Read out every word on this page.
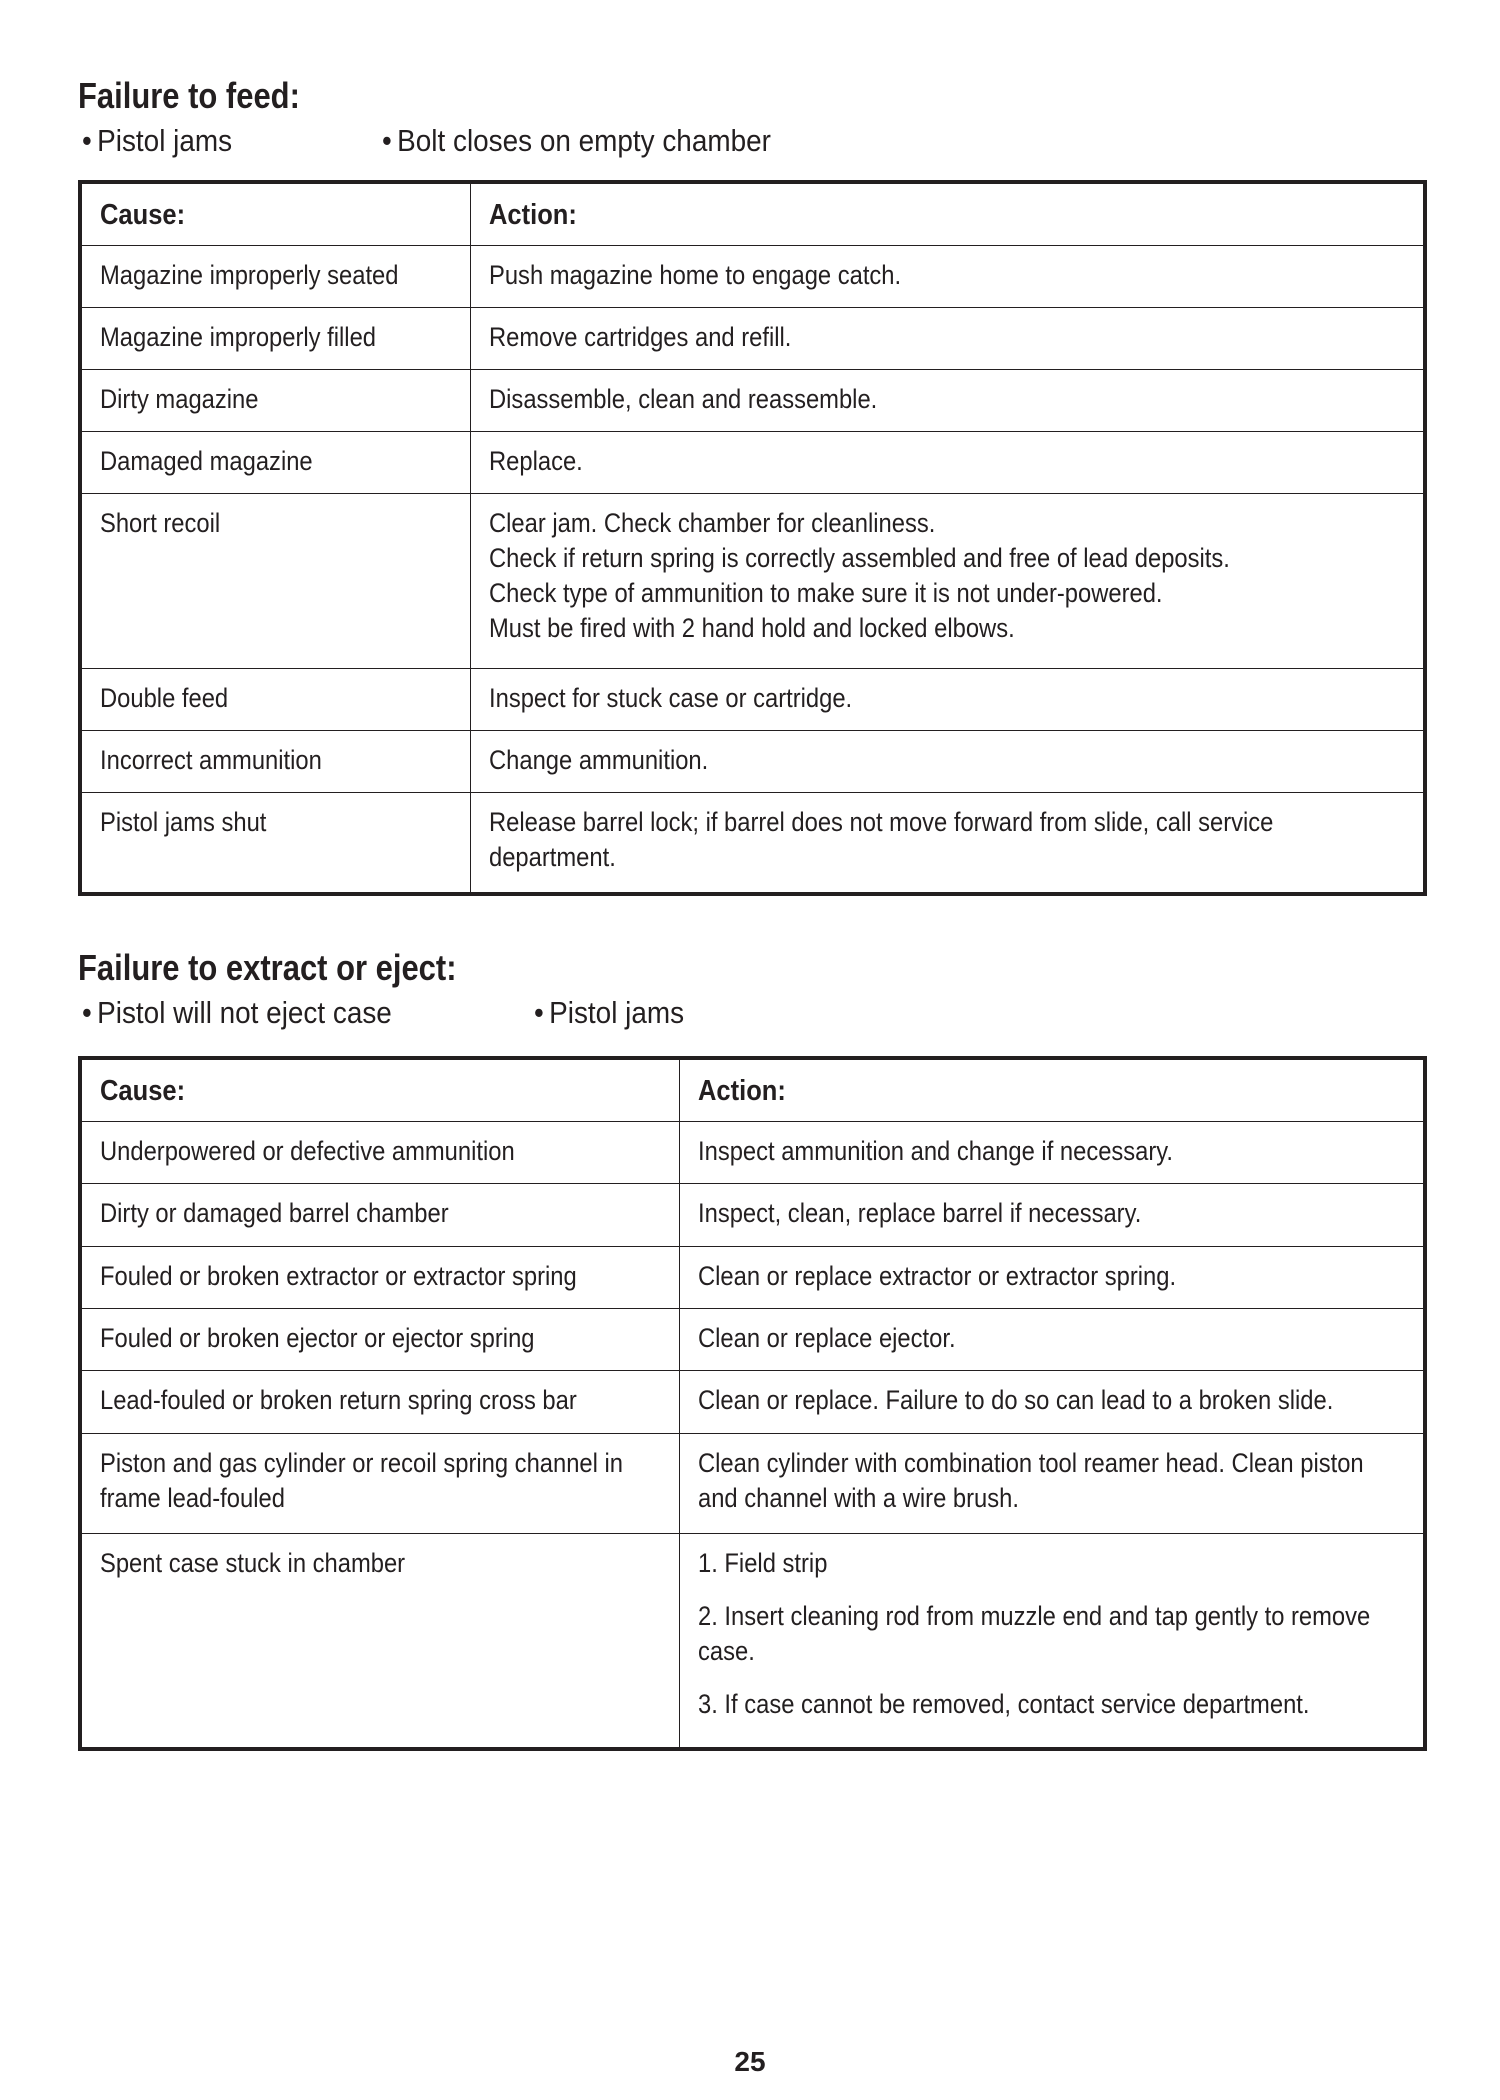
Failure to feed:
• Pistol jams	• Bolt closes on empty chamber
Cause:	Action:

Magazine improperly seated	Push magazine home to engage catch.

Magazine improperly filled	Remove cartridges and refill.

Dirty magazine	Disassemble, clean and reassemble.

Damaged magazine	Replace.

Short recoil	Clear jam. Check chamber for cleanliness.
Check if return spring is correctly assembled and free of lead deposits.
Check type of ammunition to make sure it is not under-powered.
Must be fired with 2 hand hold and locked elbows.

Double feed	Inspect for stuck case or cartridge.

Incorrect ammunition	Change ammunition.

Pistol jams shut	Release barrel lock; if barrel does not move forward from slide, call service department.
Failure to extract or eject:
• Pistol will not eject case	• Pistol jams
Cause:	Action:

Underpowered or defective ammunition	Inspect ammunition and change if necessary.

Dirty or damaged barrel chamber	Inspect, clean, replace barrel if necessary.

Fouled or broken extractor or extractor spring	Clean or replace extractor or extractor spring.

Fouled or broken ejector or ejector spring	Clean or replace ejector.

Lead-fouled or broken return spring cross bar	Clean or replace. Failure to do so can lead to a broken slide.

Piston and gas cylinder or recoil spring channel in frame lead-fouled	Clean cylinder with combination tool reamer head. Clean piston and channel with a wire brush.

Spent case stuck in chamber	1. Field strip
2. Insert cleaning rod from muzzle end and tap gently to remove case.
3. If case cannot be removed, contact service department.
25
